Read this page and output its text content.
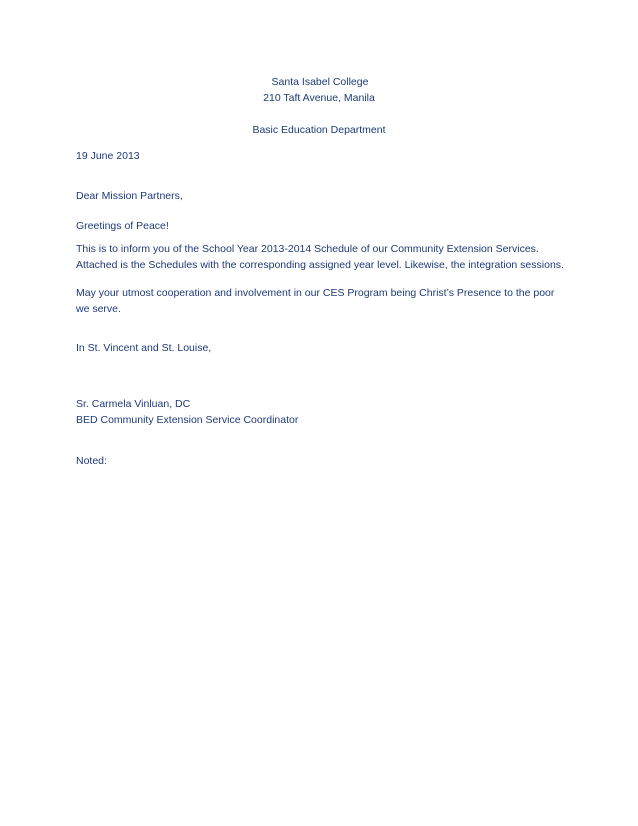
Santa Isabel College
210 Taft Avenue, Manila
Basic Education Department
19 June 2013
Dear Mission Partners,
Greetings of Peace!
This is to inform you of the School Year 2013-2014 Schedule of our Community Extension Services.
Attached is the Schedules with the corresponding assigned year level. Likewise, the integration sessions.
May your utmost cooperation and involvement in our CES Program being Christ’s Presence to the poor
we serve.
In St. Vincent and St. Louise,
Sr. Carmela Vinluan, DC
BED Community Extension Service Coordinator
Noted:
